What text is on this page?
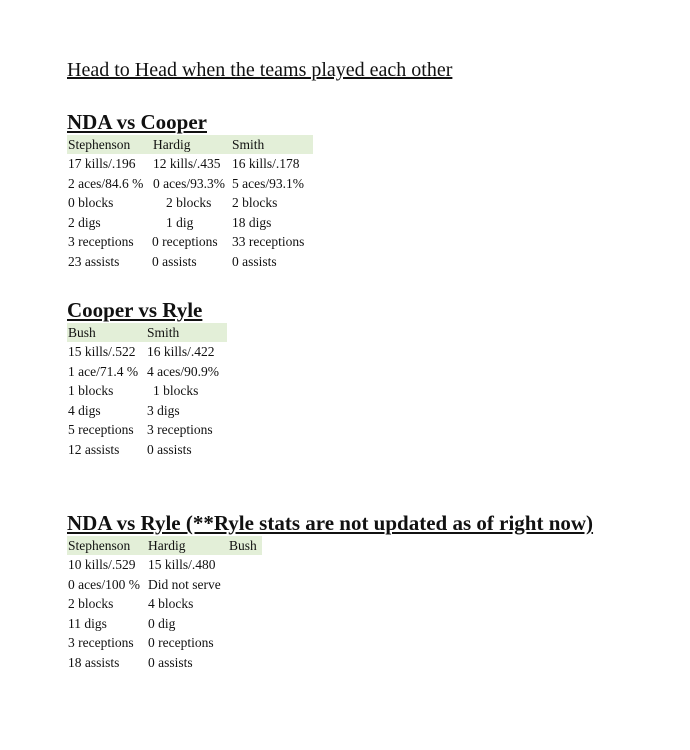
Head to Head when the teams played each other
NDA vs Cooper
Stephenson Hardig	Smith
17 kills/.196 12 kills/.435 16 kills/.178
2 aces/84.6 % 0 aces/93.3% 5 aces/93.1%
0 blocks	2 blocks 2 blocks
2 digs	1 dig	18 digs
3 receptions 0 receptions 33 receptions
23 assists 0 assists	0 assists
Cooper vs Ryle
Bush	Smith
15 kills/.522 16 kills/.422
1 ace/71.4 % 4 aces/90.9%
1 blocks	1 blocks
4 digs	3 digs
5 receptions 3 receptions
12 assists 0 assists
NDA vs Ryle (**Ryle stats are not updated as of right now)
Stephenson Hardig	Bush
10 kills/.529 15 kills/.480
0 aces/100 % Did not serve
2 blocks	4 blocks
11 digs	0 dig
3 receptions 0 receptions
18 assists 0 assists
